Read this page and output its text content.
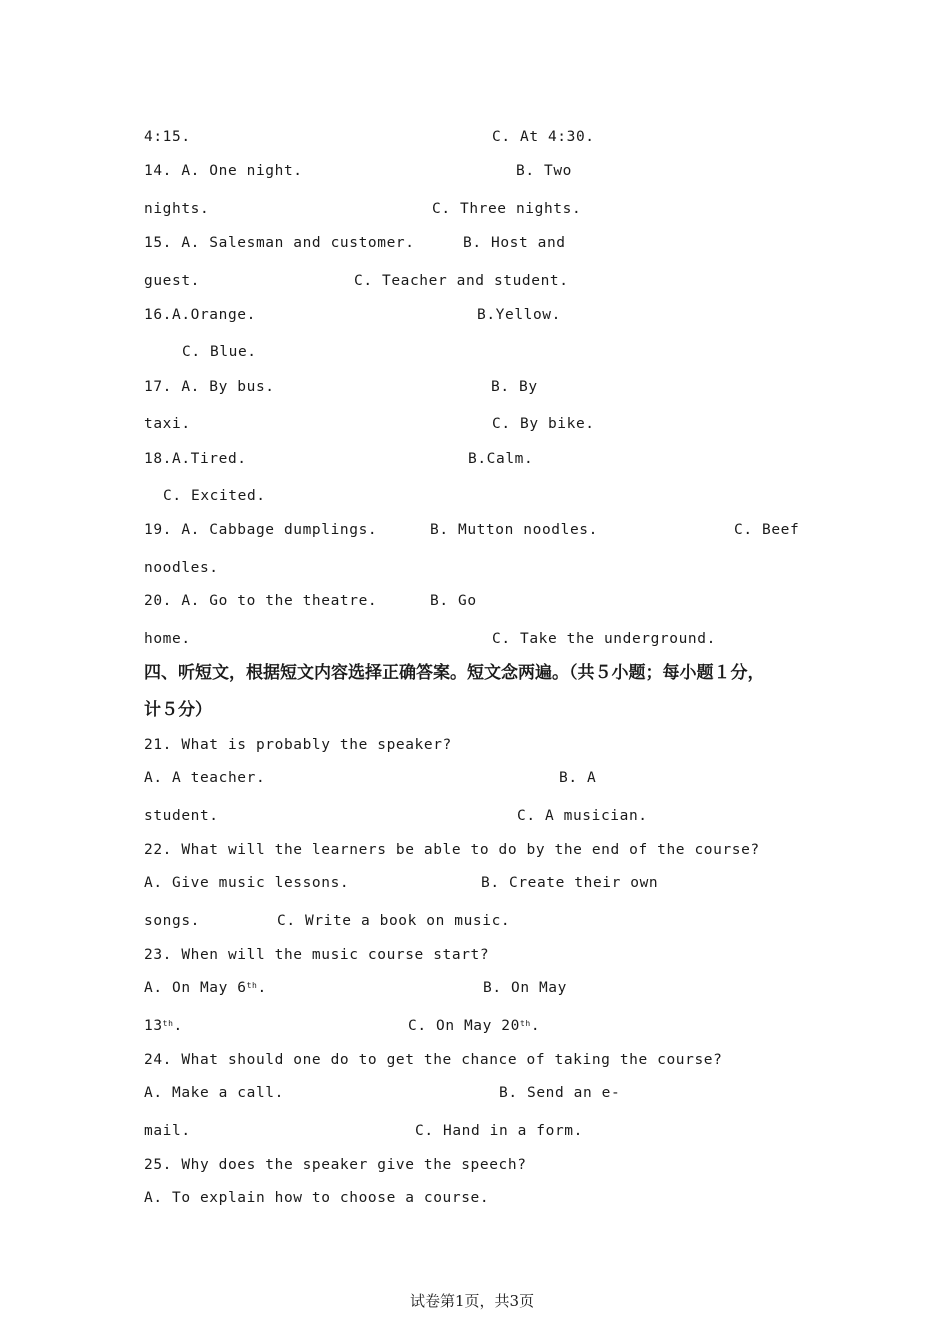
4:15.	C. At 4:30.
14. A. One night.	B. Two
nights.	C. Three nights.
15. A. Salesman and customer.	B. Host and
guest.	C. Teacher and student.
16.A.Orange.	B.Yellow.
C. Blue.
17. A. By bus.	B. By
taxi.	C. By bike.
18.A.Tired.	B.Calm.
C. Excited.
19. A. Cabbage dumplings.	B. Mutton noodles.	C. Beef
noodles.
20. A. Go to the theatre.	B. Go
home.	C. Take the underground.
四、听短文，根据短文内容选择正确答案。短文念两遍。（共５小题；每小题１分，
计５分）
21. What is probably the speaker?
A. A teacher.	B. A
student.	C. A musician.
22. What will the learners be able to do by the end of the course?
A. Give music lessons.	B. Create their own
songs.	C. Write a book on music.
23. When will the music course start?
A. On May 6th.	B. On May
13th.	C. On May 20th.
24. What should one do to get the chance of taking the course?
A. Make a call.	B. Send an e-
mail.	C. Hand in a form.
25. Why does the speaker give the speech?
A. To explain how to choose a course.
试卷第1页，共3页
